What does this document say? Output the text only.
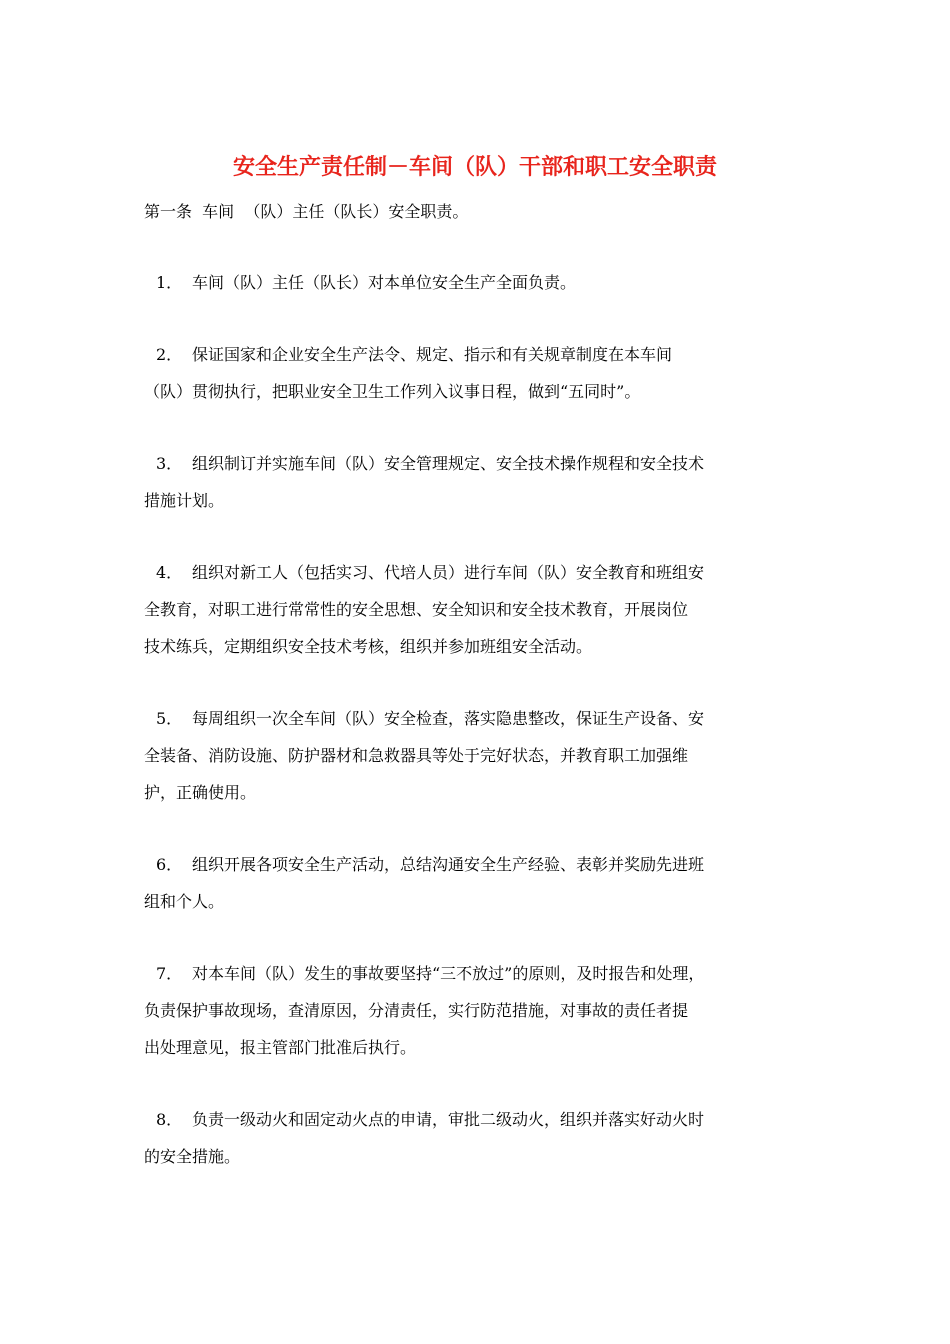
安全生产责任制－车间（队）干部和职工安全职责
第一条  车间  （队）主任（队长）安全职责。
1． 车间（队）主任（队长）对本单位安全生产全面负责。
2． 保证国家和企业安全生产法令、规定、指示和有关规章制度在本车间
（队）贯彻执行，把职业安全卫生工作列入议事日程，做到“五同时”。
3． 组织制订并实施车间（队）安全管理规定、安全技术操作规程和安全技术
措施计划。
4． 组织对新工人（包括实习、代培人员）进行车间（队）安全教育和班组安
全教育，对职工进行常常性的安全思想、安全知识和安全技术教育，开展岗位
技术练兵，定期组织安全技术考核，组织并参加班组安全活动。
5． 每周组织一次全车间（队）安全检查，落实隐患整改，保证生产设备、安
全装备、消防设施、防护器材和急救器具等处于完好状态，并教育职工加强维
护，正确使用。
6． 组织开展各项安全生产活动，总结沟通安全生产经验、表彰并奖励先进班
组和个人。
7． 对本车间（队）发生的事故要坚持“三不放过”的原则，及时报告和处理，
负责保护事故现场，查清原因，分清责任，实行防范措施，对事故的责任者提
出处理意见，报主管部门批准后执行。
8． 负责一级动火和固定动火点的申请，审批二级动火，组织并落实好动火时
的安全措施。
